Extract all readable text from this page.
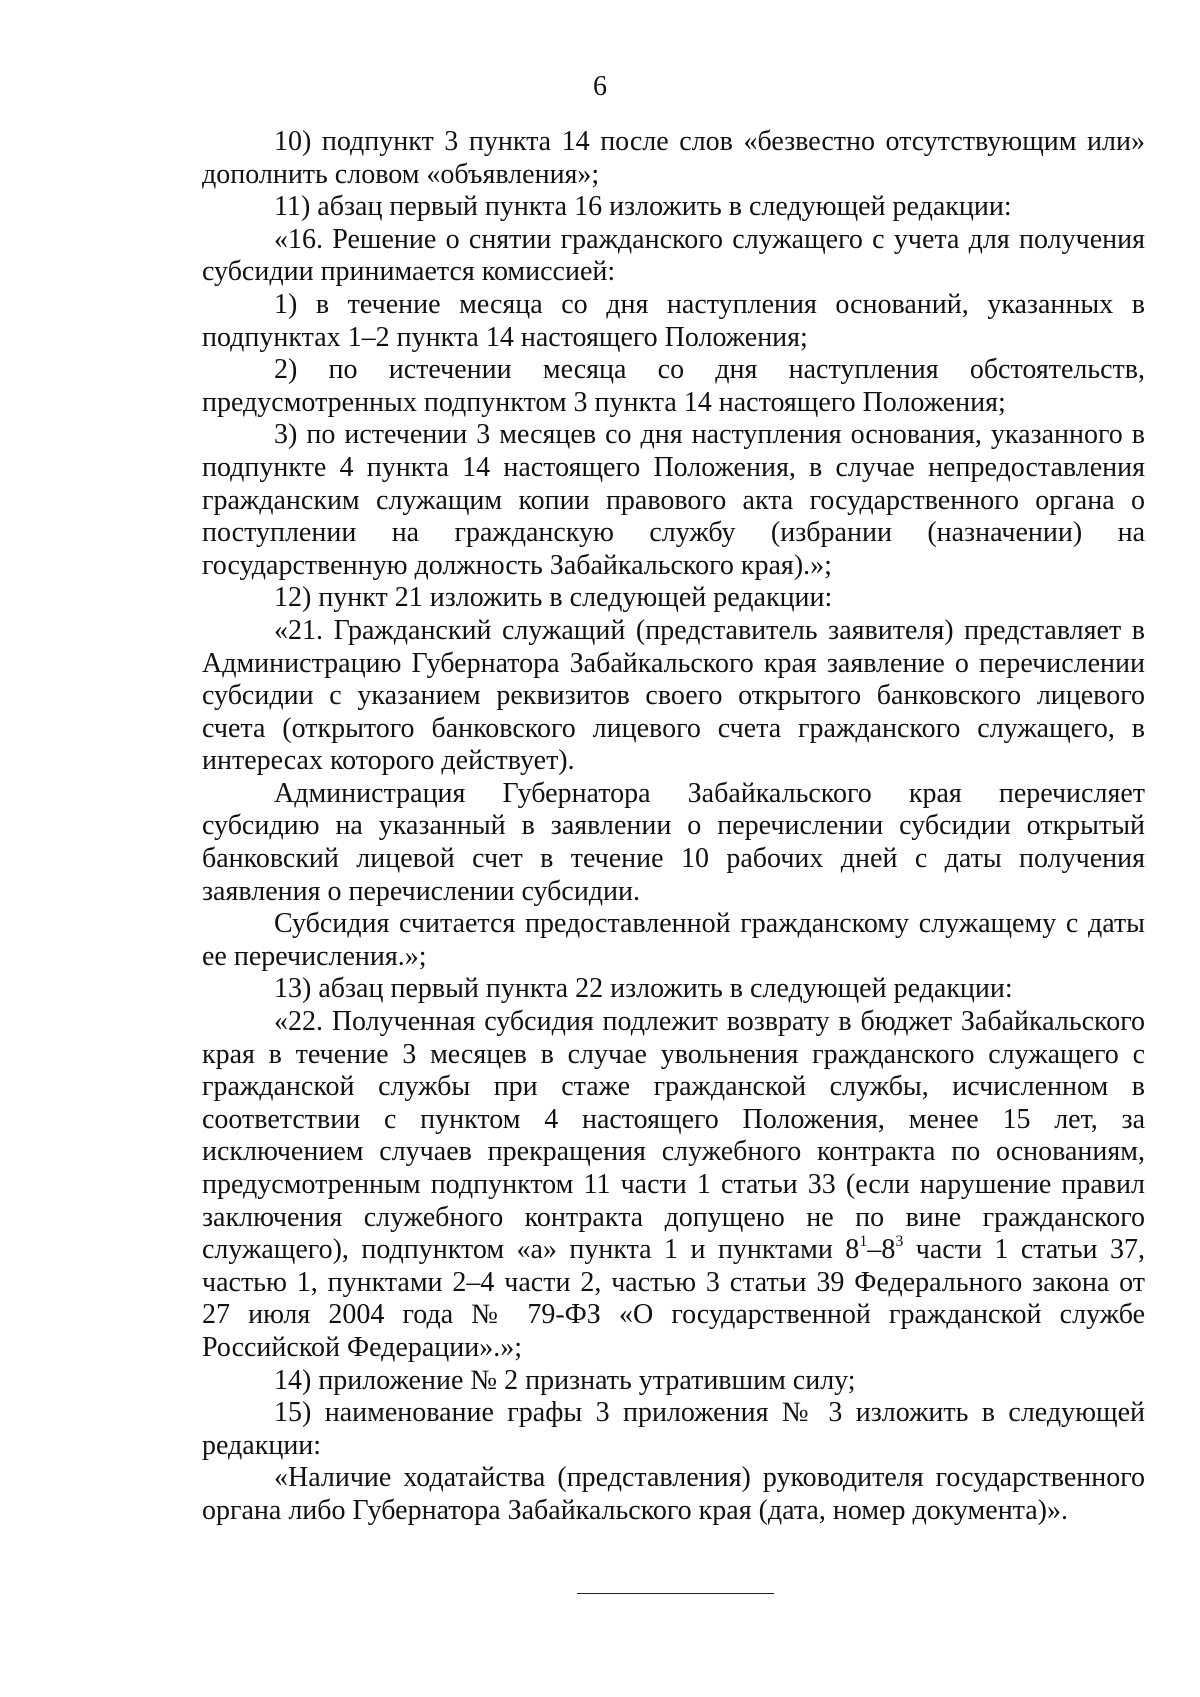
6

10) подпункт 3 пункта 14 после слов «безвестно отсутствующим или» дополнить словом «объявления»;

11) абзац первый пункта 16 изложить в следующей редакции:

«16. Решение о снятии гражданского служащего с учета для получения субсидии принимается комиссией:

1) в течение месяца со дня наступления оснований, указанных в подпунктах 1–2 пункта 14 настоящего Положения;

2) по истечении месяца со дня наступления обстоятельств, предусмотренных подпунктом 3 пункта 14 настоящего Положения;

3) по истечении 3 месяцев со дня наступления основания, указанного в подпункте 4 пункта 14 настоящего Положения, в случае непредоставления гражданским служащим копии правового акта государственного органа о поступлении на гражданскую службу (избрании (назначении) на государственную должность Забайкальского края).»;

12) пункт 21 изложить в следующей редакции:

«21. Гражданский служащий (представитель заявителя) представляет в Администрацию Губернатора Забайкальского края заявление о перечислении субсидии с указанием реквизитов своего открытого банковского лицевого счета (открытого банковского лицевого счета гражданского служащего, в интересах которого действует).

Администрация Губернатора Забайкальского края перечисляет субсидию на указанный в заявлении о перечислении субсидии открытый банковский лицевой счет в течение 10 рабочих дней с даты получения заявления о перечислении субсидии.

Субсидия считается предоставленной гражданскому служащему с даты ее перечисления.»;

13) абзац первый пункта 22 изложить в следующей редакции:

«22. Полученная субсидия подлежит возврату в бюджет Забайкальского края в течение 3 месяцев в случае увольнения гражданского служащего с гражданской службы при стаже гражданской службы, исчисленном в соответствии с пунктом 4 настоящего Положения, менее 15 лет, за исключением случаев прекращения служебного контракта по основаниям, предусмотренным подпунктом 11 части 1 статьи 33 (если нарушение правил заключения служебного контракта допущено не по вине гражданского служащего), подпунктом «а» пункта 1 и пунктами $8^1-8^3$ части 1 статьи 37, частью 1, пунктами 2–4 части 2, частью 3 статьи 39 Федерального закона от 27 июля 2004 года № 79-ФЗ «О государственной гражданской службе Российской Федерации».»;

14) приложение № 2 признать утратившим силу;

15) наименование графы 3 приложения № 3 изложить в следующей редакции:

«Наличие ходатайства (представления) руководителя государственного органа либо Губернатора Забайкальского края (дата, номер документа)».
